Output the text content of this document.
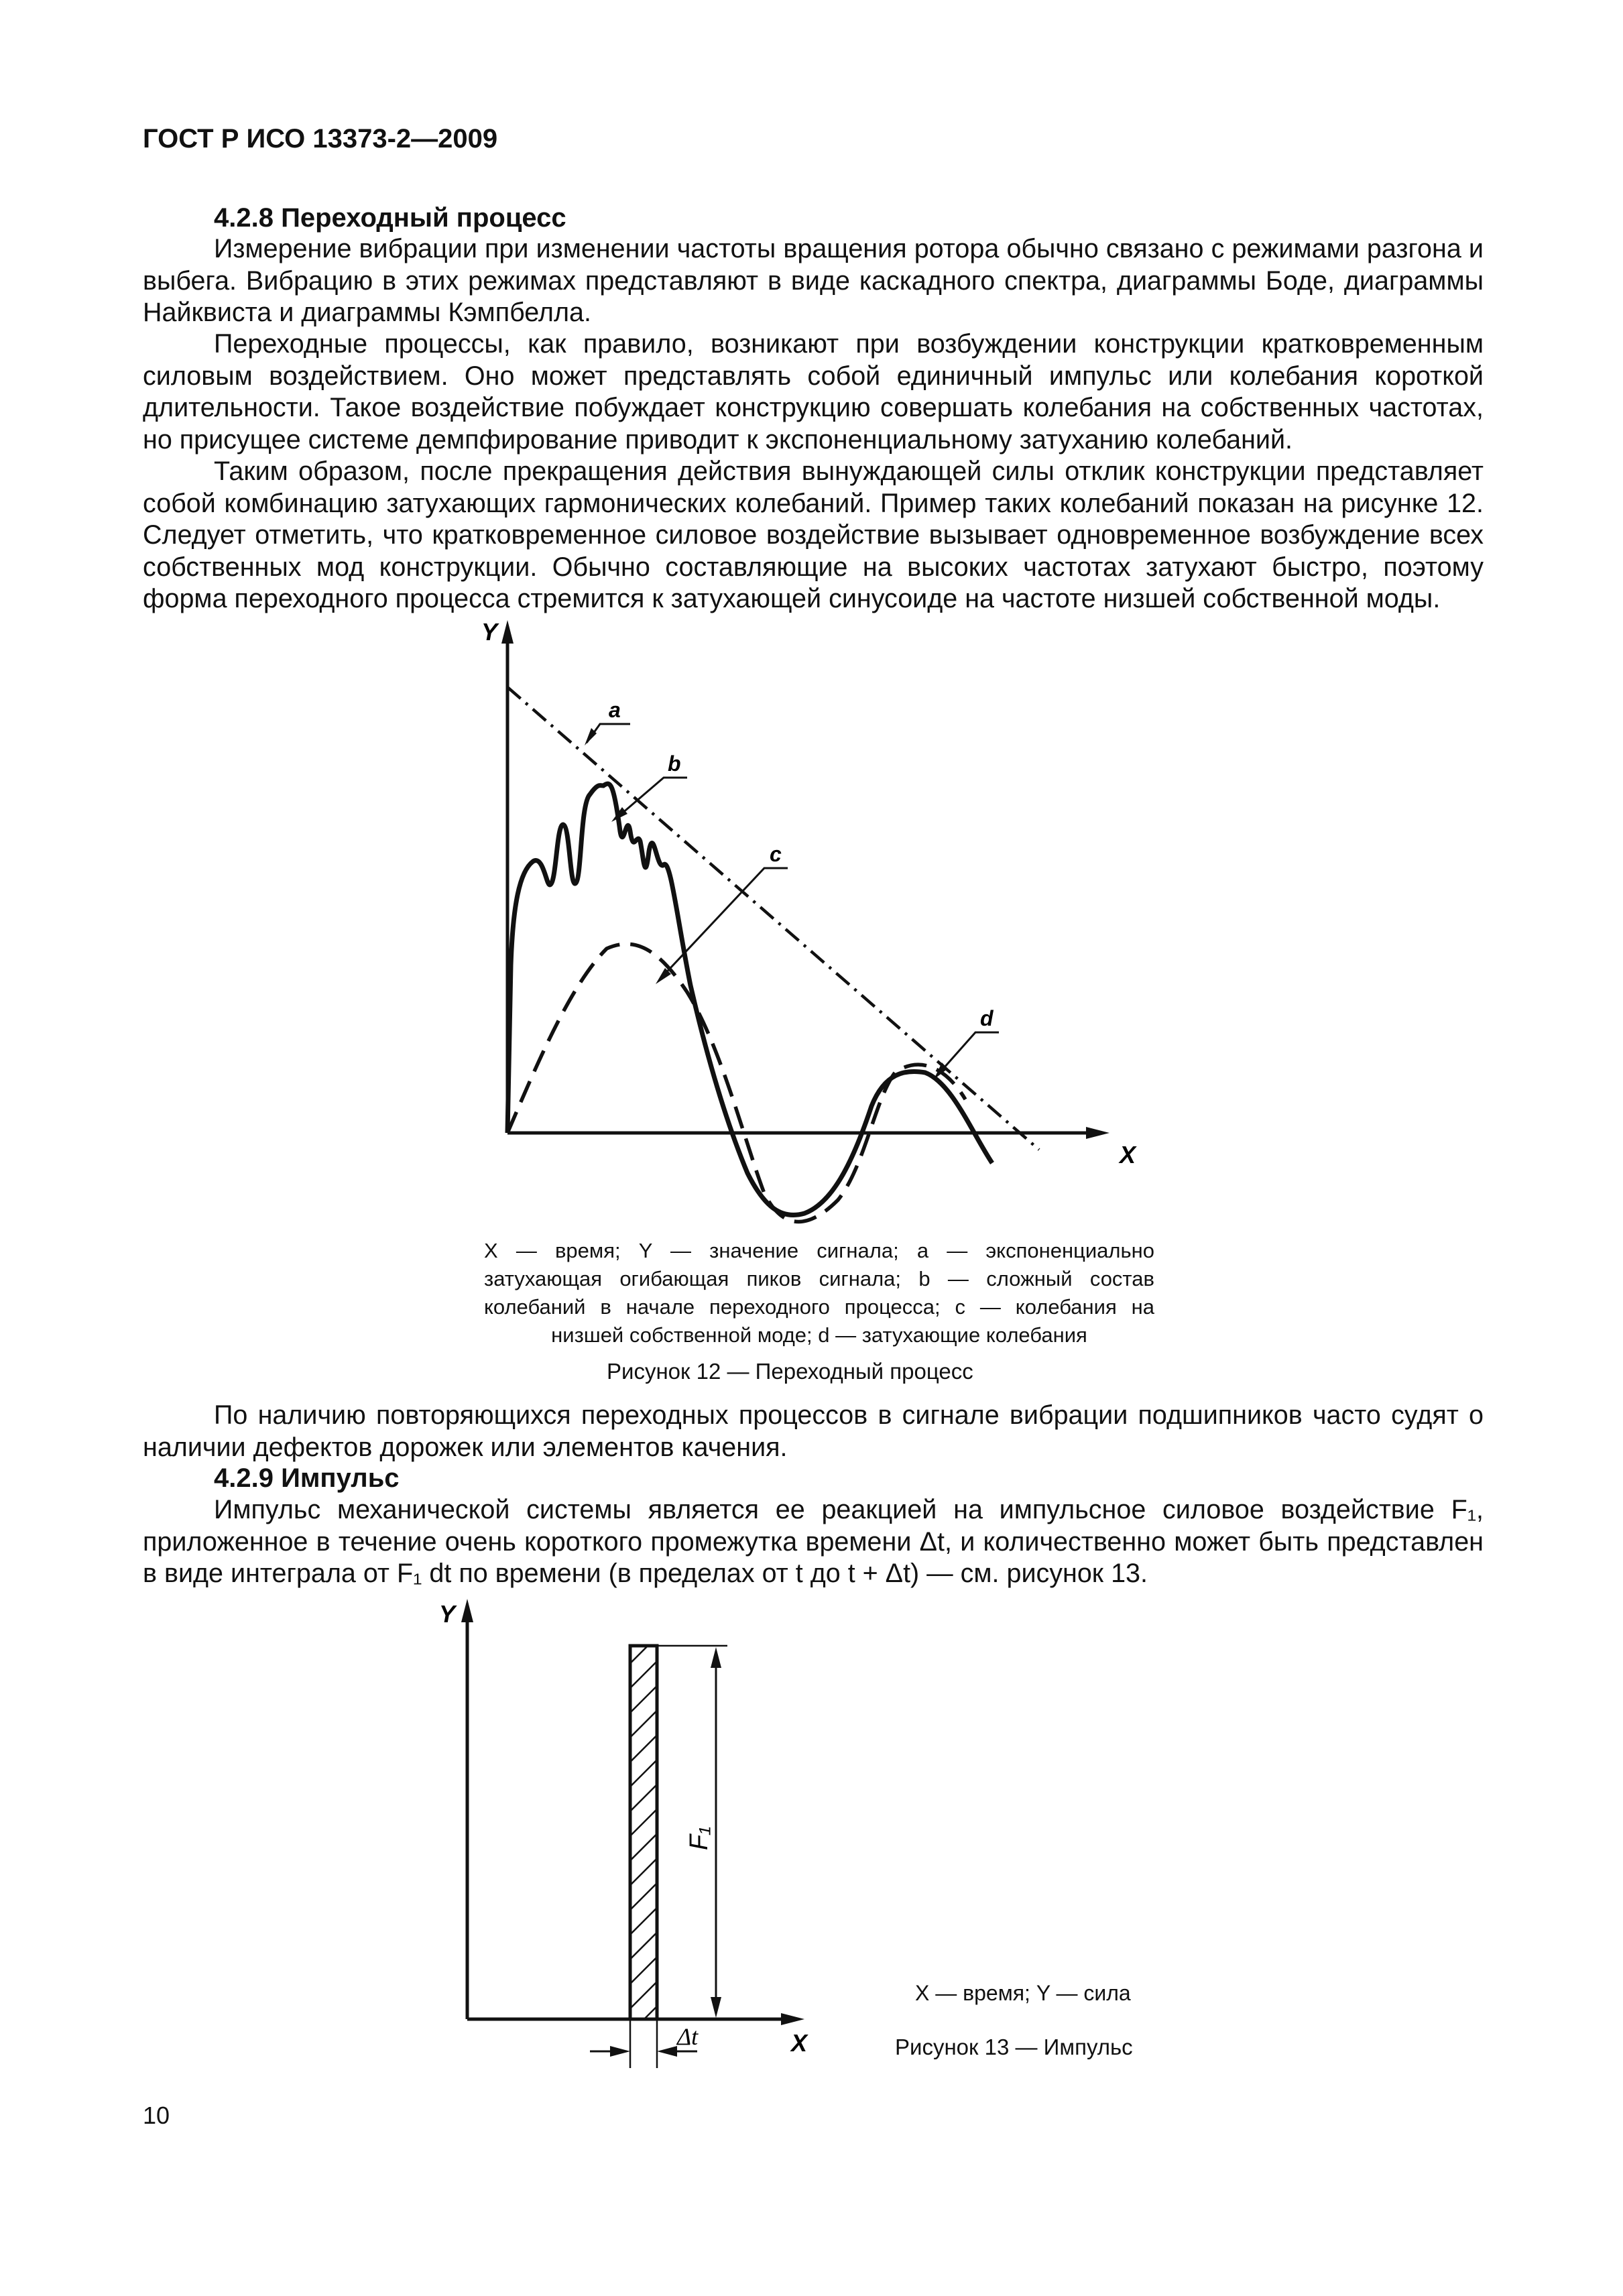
ГОСТ Р ИСО 13373-2—2009
4.2.8 Переходный процесс

Измерение вибрации при изменении частоты вращения ротора обычно связано с режимами разгона и выбега. Вибрацию в этих режимах представляют в виде каскадного спектра, диаграммы Боде, диаграммы Найквиста и диаграммы Кэмпбелла.

Переходные процессы, как правило, возникают при возбуждении конструкции кратковременным силовым воздействием. Оно может представлять собой единичный импульс или колебания короткой длительности. Такое воздействие побуждает конструкцию совершать колебания на собственных частотах, но присущее системе демпфирование приводит к экспоненциальному затуханию колебаний.

Таким образом, после прекращения действия вынуждающей силы отклик конструкции представляет собой комбинацию затухающих гармонических колебаний. Пример таких колебаний показан на рисунке 12. Следует отметить, что кратковременное силовое воздействие вызывает одновременное возбуждение всех собственных мод конструкции. Обычно составляющие на высоких частотах затухают быстро, поэтому форма переходного процесса стремится к затухающей синусоиде на частоте низшей собственной моды.

Y
X
a
b
c
d
Y
X
F₁
Δt

X — время; Y — значение сигнала; a — экспоненциально затухающая огибающая пиков сигнала; b — сложный состав колебаний в начале переходного процесса; c — колебания на низшей собственной моде; d — затухающие колебания

Рисунок 12 — Переходный процесс

По наличию повторяющихся переходных процессов в сигнале вибрации подшипников часто судят о наличии дефектов дорожек или элементов качения.

4.2.9 Импульс

Импульс механической системы является ее реакцией на импульсное силовое воздействие F₁, приложенное в течение очень короткого промежутка времени Δt, и количественно может быть представлен в виде интеграла от F₁ dt по времени (в пределах от t до t + Δt) — см. рисунок 13.

X — время; Y — сила
Рисунок 13 — Импульс
10
